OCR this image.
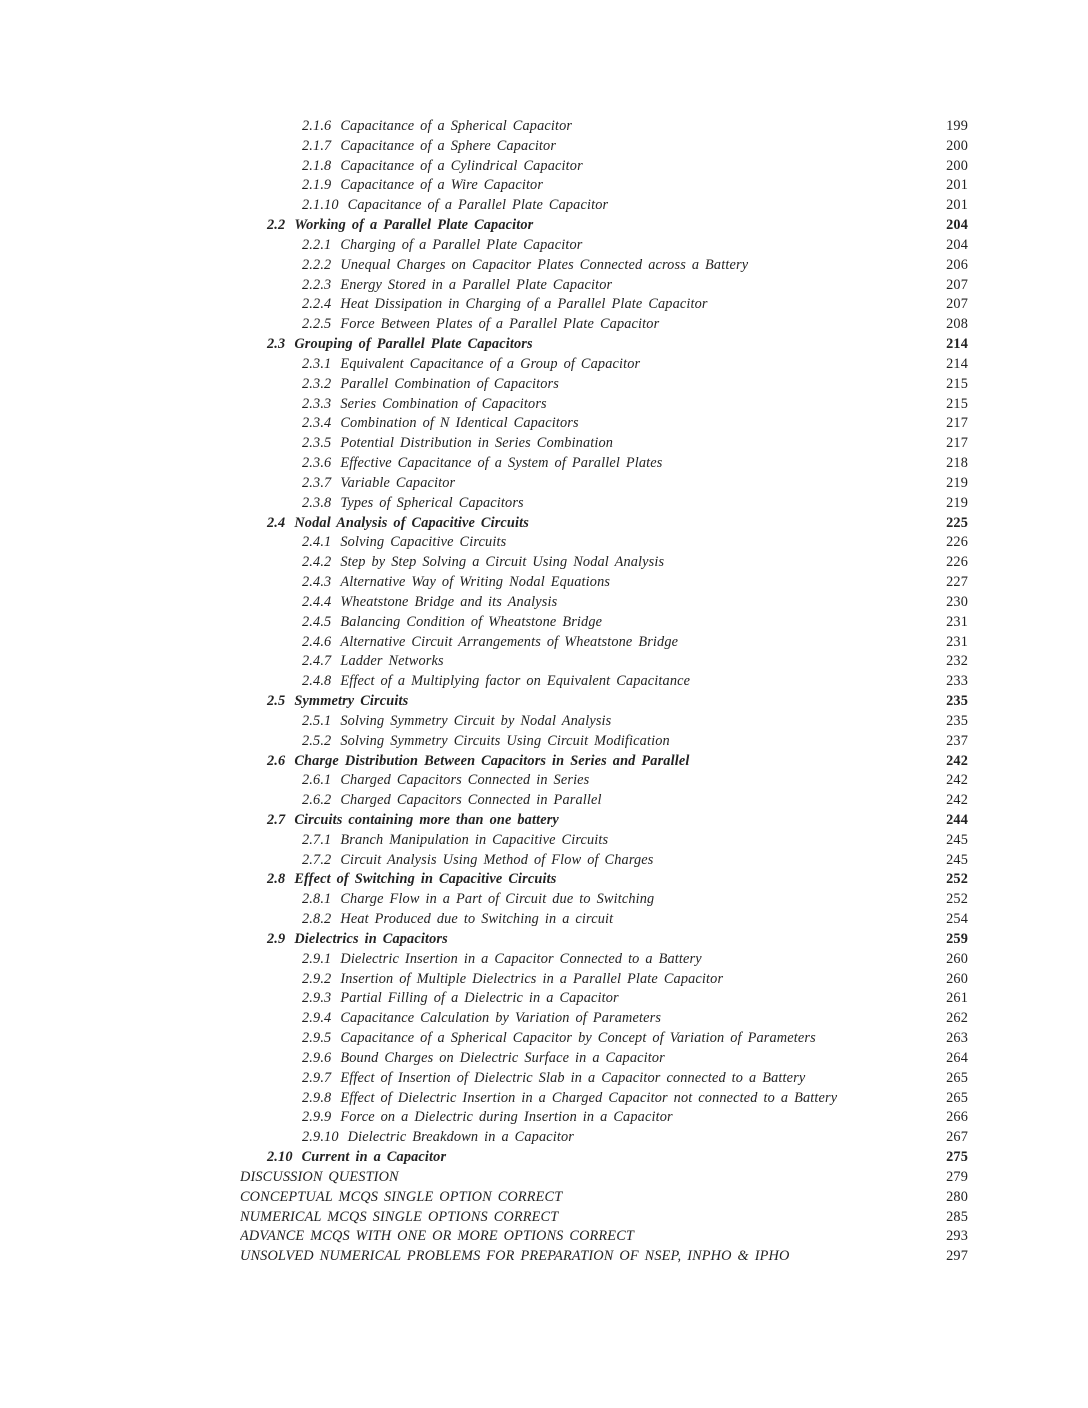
2.1.6 Capacitance of a Spherical Capacitor	199
2.1.7 Capacitance of a Sphere Capacitor	200
2.1.8 Capacitance of a Cylindrical Capacitor	200
2.1.9 Capacitance of a Wire Capacitor	201
2.1.10 Capacitance of a Parallel Plate Capacitor	201
2.2 Working of a Parallel Plate Capacitor	204
2.2.1 Charging of a Parallel Plate Capacitor	204
2.2.2 Unequal Charges on Capacitor Plates Connected across a Battery	206
2.2.3 Energy Stored in a Parallel Plate Capacitor	207
2.2.4 Heat Dissipation in Charging of a Parallel Plate Capacitor	207
2.2.5 Force Between Plates of a Parallel Plate Capacitor	208
2.3 Grouping of Parallel Plate Capacitors	214
2.3.1 Equivalent Capacitance of a Group of Capacitor	214
2.3.2 Parallel Combination of Capacitors	215
2.3.3 Series Combination of Capacitors	215
2.3.4 Combination of N Identical Capacitors	217
2.3.5 Potential Distribution in Series Combination	217
2.3.6 Effective Capacitance of a System of Parallel Plates	218
2.3.7 Variable Capacitor	219
2.3.8 Types of Spherical Capacitors	219
2.4 Nodal Analysis of Capacitive Circuits	225
2.4.1 Solving Capacitive Circuits	226
2.4.2 Step by Step Solving a Circuit Using Nodal Analysis	226
2.4.3 Alternative Way of Writing Nodal Equations	227
2.4.4 Wheatstone Bridge and its Analysis	230
2.4.5 Balancing Condition of Wheatstone Bridge	231
2.4.6 Alternative Circuit Arrangements of Wheatstone Bridge	231
2.4.7 Ladder Networks	232
2.4.8 Effect of a Multiplying factor on Equivalent Capacitance	233
2.5 Symmetry Circuits	235
2.5.1 Solving Symmetry Circuit by Nodal Analysis	235
2.5.2 Solving Symmetry Circuits Using Circuit Modification	237
2.6 Charge Distribution Between Capacitors in Series and Parallel	242
2.6.1 Charged Capacitors Connected in Series	242
2.6.2 Charged Capacitors Connected in Parallel	242
2.7 Circuits containing more than one battery	244
2.7.1 Branch Manipulation in Capacitive Circuits	245
2.7.2 Circuit Analysis Using Method of Flow of Charges	245
2.8 Effect of Switching in Capacitive Circuits	252
2.8.1 Charge Flow in a Part of Circuit due to Switching	252
2.8.2 Heat Produced due to Switching in a circuit	254
2.9 Dielectrics in Capacitors	259
2.9.1 Dielectric Insertion in a Capacitor Connected to a Battery	260
2.9.2 Insertion of Multiple Dielectrics in a Parallel Plate Capacitor	260
2.9.3 Partial Filling of a Dielectric in a Capacitor	261
2.9.4 Capacitance Calculation by Variation of Parameters	262
2.9.5 Capacitance of a Spherical Capacitor by Concept of Variation of Parameters	263
2.9.6 Bound Charges on Dielectric Surface in a Capacitor	264
2.9.7 Effect of Insertion of Dielectric Slab in a Capacitor connected to a Battery	265
2.9.8 Effect of Dielectric Insertion in a Charged Capacitor not connected to a Battery	265
2.9.9 Force on a Dielectric during Insertion in a Capacitor	266
2.9.10 Dielectric Breakdown in a Capacitor	267
2.10 Current in a Capacitor	275
DISCUSSION QUESTION	279
CONCEPTUAL MCQS SINGLE OPTION CORRECT	280
NUMERICAL MCQS SINGLE OPTIONS CORRECT	285
ADVANCE MCQS WITH ONE OR MORE OPTIONS CORRECT	293
UNSOLVED NUMERICAL PROBLEMS FOR PREPARATION OF NSEP, INPHO & IPHO	297
